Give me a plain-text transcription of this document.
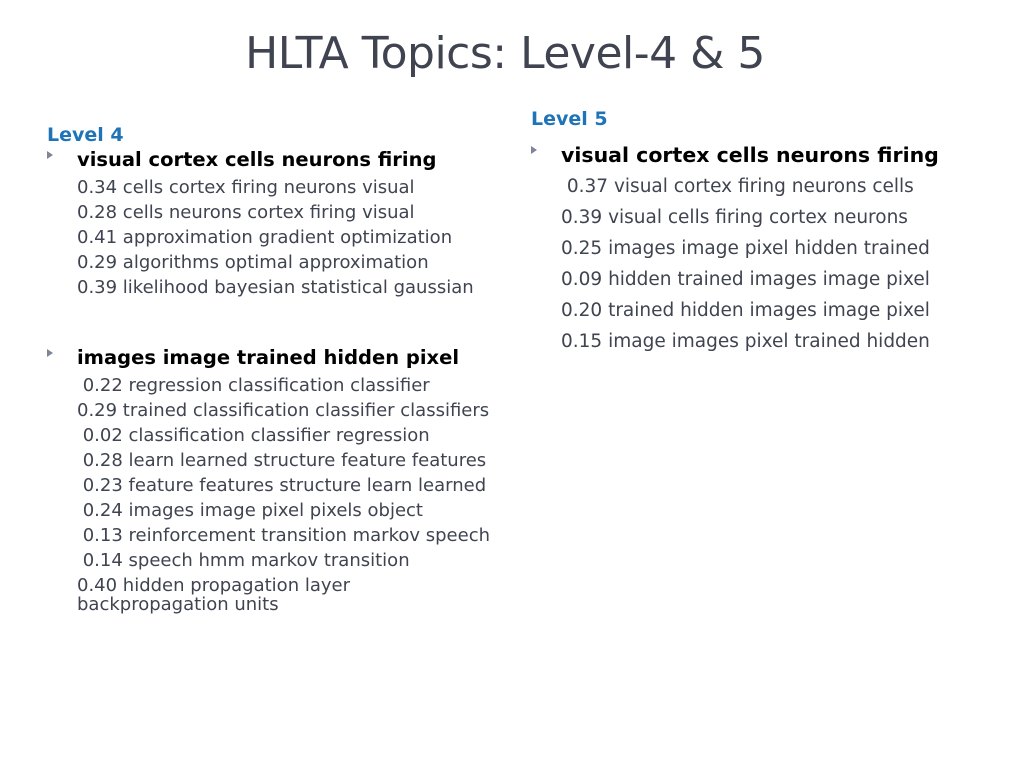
HLTA Topics: Level-4 & 5
Level 4
visual cortex cells neurons firing
0.34 cells cortex firing neurons visual
0.28 cells neurons cortex firing visual
0.41 approximation gradient optimization
0.29 algorithms optimal approximation
0.39 likelihood bayesian statistical gaussian
images image trained hidden pixel
0.22 regression classification classifier
0.29 trained classification classifier classifiers
0.02 classification classifier regression
0.28 learn learned structure feature features
0.23 feature features structure learn learned
0.24 images image pixel pixels object
0.13 reinforcement transition markov speech
0.14 speech hmm markov transition
0.40 hidden propagation layer backpropagation units
Level 5
visual cortex cells neurons firing
0.37 visual cortex firing neurons cells
0.39 visual cells firing cortex neurons
0.25 images image pixel hidden trained
0.09 hidden trained images image pixel
0.20 trained hidden images image pixel
0.15 image images pixel trained hidden
